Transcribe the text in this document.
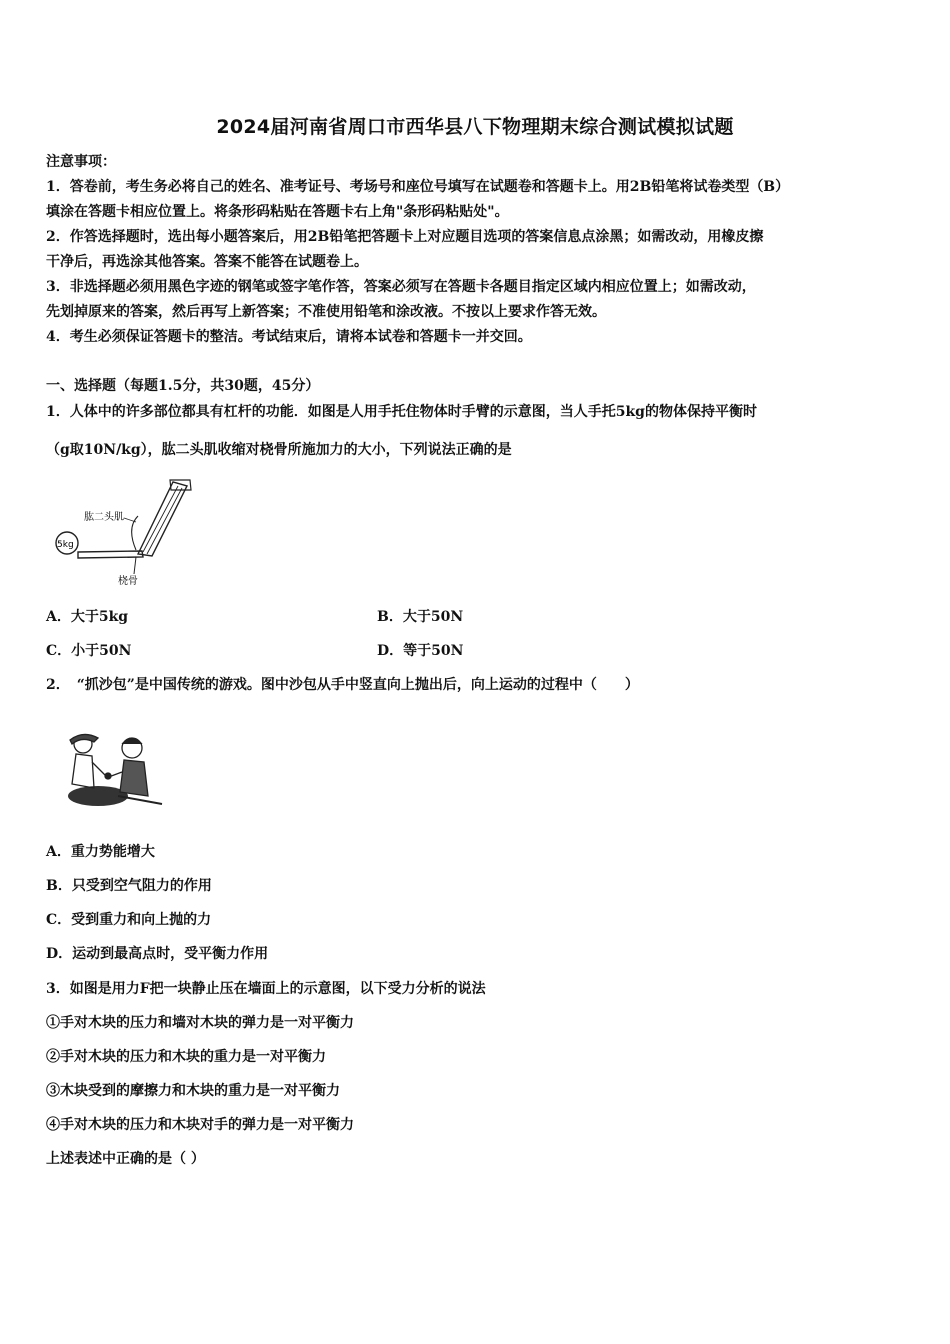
2024届河南省周口市西华县八下物理期末综合测试模拟试题
注意事项：
1．答卷前，考生务必将自己的姓名、准考证号、考场号和座位号填写在试题卷和答题卡上。用2B铅笔将试卷类型（B）
填涂在答题卡相应位置上。将条形码粘贴在答题卡右上角"条形码粘贴处"。
2．作答选择题时，选出每小题答案后，用2B铅笔把答题卡上对应题目选项的答案信息点涂黑；如需改动，用橡皮擦
干净后，再选涂其他答案。答案不能答在试题卷上。
3．非选择题必须用黑色字迹的钢笔或签字笔作答，答案必须写在答题卡各题目指定区域内相应位置上；如需改动，
先划掉原来的答案，然后再写上新答案；不准使用铅笔和涂改液。不按以上要求作答无效。
4．考生必须保证答题卡的整洁。考试结束后，请将本试卷和答题卡一并交回。
一、选择题（每题1.5分，共30题，45分）
1．人体中的许多部位都具有杠杆的功能．如图是人用手托住物体时手臂的示意图，当人手托5kg的物体保持平衡时
（g取10N/kg），肱二头肌收缩对桡骨所施加力的大小，下列说法正确的是
肱二头肌
5kg
桡骨
A．大于5kg	B．大于50N
C．小于50N	D．等于50N
2．　“抓沙包”是中国传统的游戏。图中沙包从手中竖直向上抛出后，向上运动的过程中（　　）
A．重力势能增大
B．只受到空气阻力的作用
C．受到重力和向上抛的力
D．运动到最高点时，受平衡力作用
3．如图是用力F把一块静止压在墙面上的示意图，以下受力分析的说法
①手对木块的压力和墙对木块的弹力是一对平衡力
②手对木块的压力和木块的重力是一对平衡力
③木块受到的摩擦力和木块的重力是一对平衡力
④手对木块的压力和木块对手的弹力是一对平衡力
上述表述中正确的是（ ）
